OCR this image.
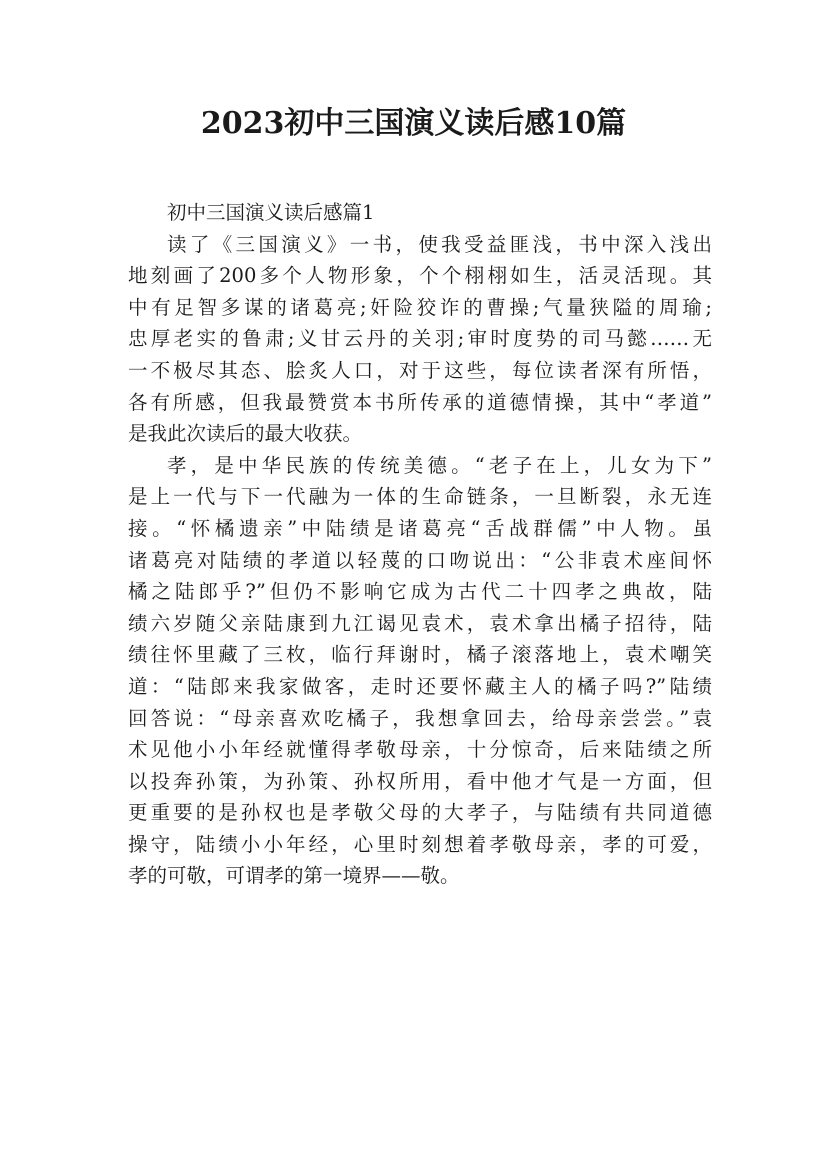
2023初中三国演义读后感10篇
初中三国演义读后感篇1
读了《三国演义》一书，使我受益匪浅，书中深入浅出
地刻画了200多个人物形象，个个栩栩如生，活灵活现。其
中有足智多谋的诸葛亮;奸险狡诈的曹操;气量狭隘的周瑜;
忠厚老实的鲁肃;义甘云丹的关羽;审时度势的司马懿……无
一不极尽其态、脍炙人口，对于这些，每位读者深有所悟，
各有所感，但我最赞赏本书所传承的道德情操，其中“孝道”
是我此次读后的最大收获。
孝，是中华民族的传统美德。“老子在上，儿女为下”
是上一代与下一代融为一体的生命链条，一旦断裂，永无连
接。“怀橘遗亲”中陆绩是诸葛亮“舌战群儒”中人物。虽
诸葛亮对陆绩的孝道以轻蔑的口吻说出：“公非袁术座间怀
橘之陆郎乎?”但仍不影响它成为古代二十四孝之典故，陆
绩六岁随父亲陆康到九江谒见袁术，袁术拿出橘子招待，陆
绩往怀里藏了三枚，临行拜谢时，橘子滚落地上，袁术嘲笑
道：“陆郎来我家做客，走时还要怀藏主人的橘子吗?”陆绩
回答说：“母亲喜欢吃橘子，我想拿回去，给母亲尝尝。”袁
术见他小小年经就懂得孝敬母亲，十分惊奇，后来陆绩之所
以投奔孙策，为孙策、孙权所用，看中他才气是一方面，但
更重要的是孙权也是孝敬父母的大孝子，与陆绩有共同道德
操守，陆绩小小年经，心里时刻想着孝敬母亲，孝的可爱，
孝的可敬，可谓孝的第一境界——敬。
